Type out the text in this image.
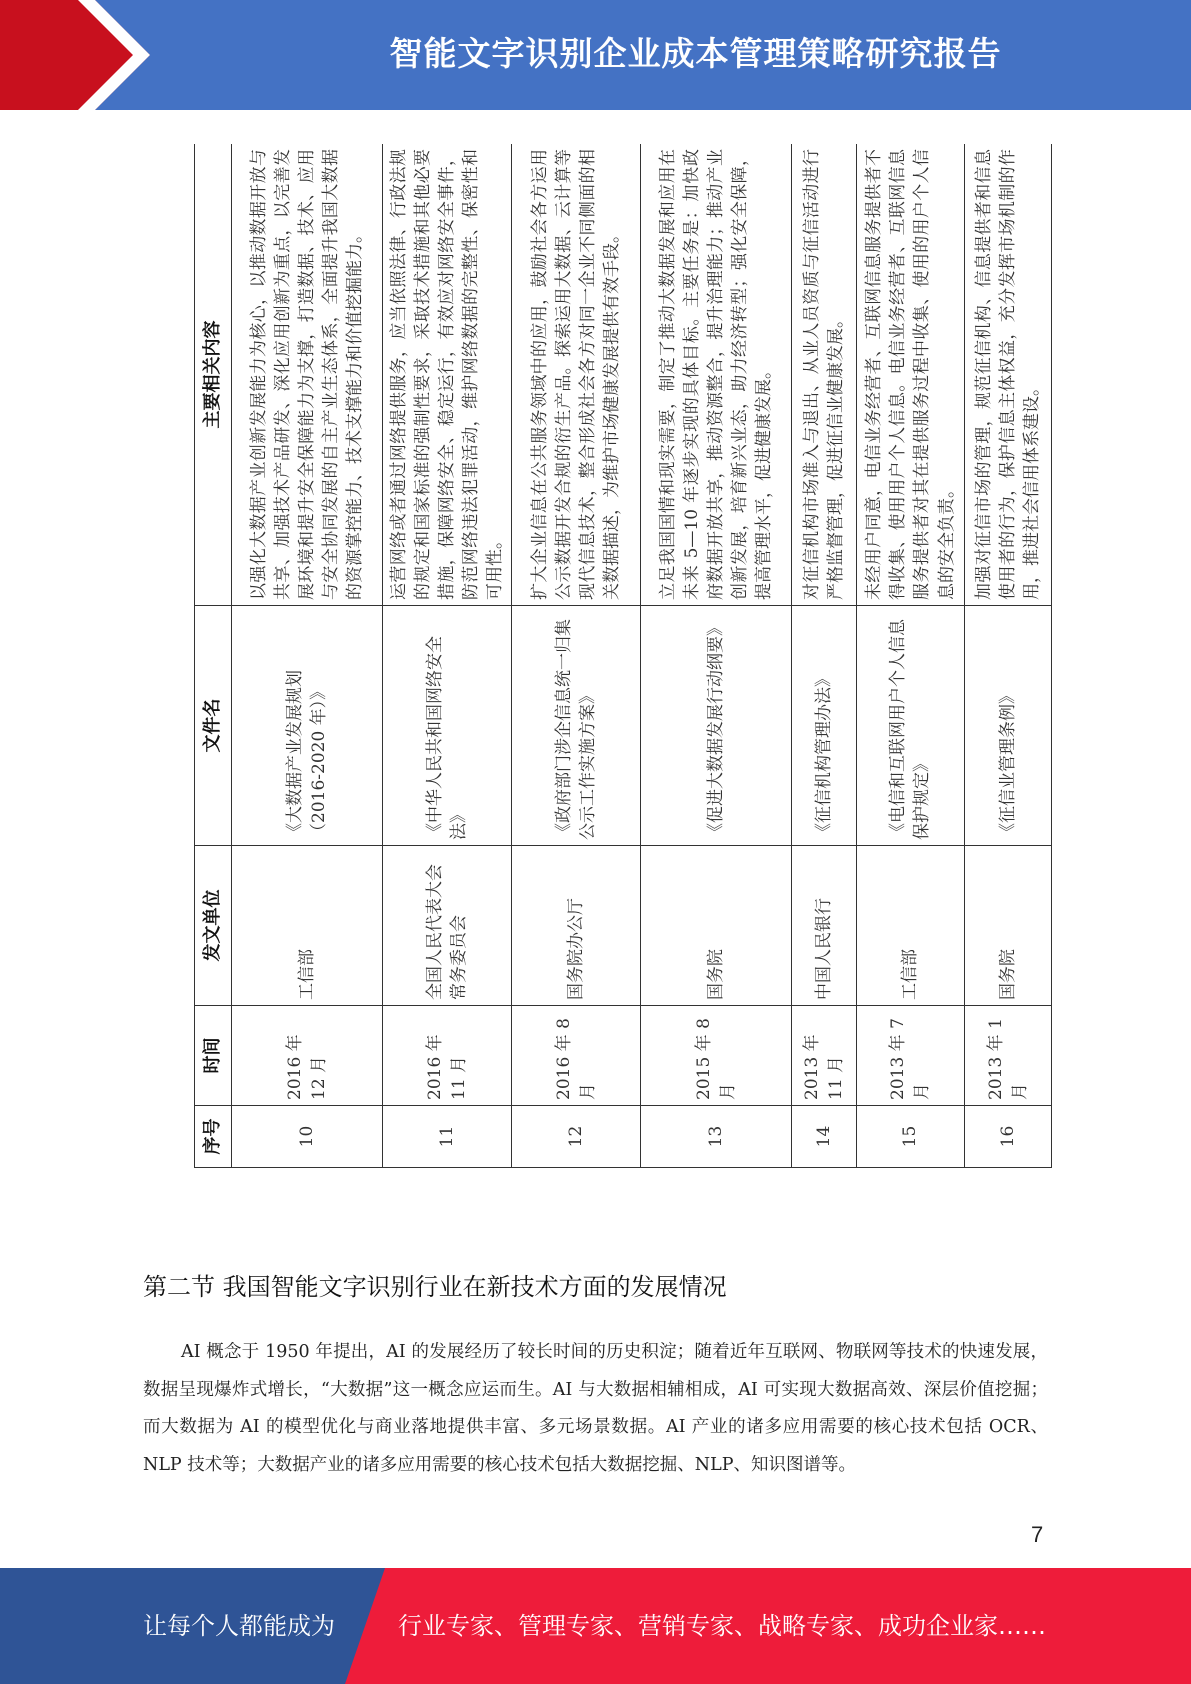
智能文字识别企业成本管理策略研究报告
序号	时间	发文单位	文件名	主要相关内容
10	2016 年 12 月	工信部	《大数据产业发展规划（2016-2020 年）》	以强化大数据产业创新发展能力为核心，以推动数据开放与共享、加强技术产品研发、深化应用创新为重点，以完善发展环境和提升安全保障能力为支撑，打造数据、技术、应用与安全协同发展的自主产业生态体系，全面提升我国大数据的资源掌控能力、技术支撑能力和价值挖掘能力。
11	2016 年 11 月	全国人民代表大会常务委员会	《中华人民共和国网络安全法》	运营网络或者通过网络提供服务，应当依照法律、行政法规的规定和国家标准的强制性要求，采取技术措施和其他必要措施，保障网络安全、稳定运行，有效应对网络安全事件，防范网络违法犯罪活动，维护网络数据的完整性、保密性和可用性。
12	2016 年 8 月	国务院办公厅	《政府部门涉企信息统一归集公示工作实施方案》	扩大企业信息在公共服务领域中的应用，鼓励社会各方运用公示数据开发合规的衍生产品。探索运用大数据、云计算等现代信息技术，整合形成社会各方对同一企业不同侧面的相关数据描述，为维护市场健康发展提供有效手段。
13	2015 年 8 月	国务院	《促进大数据发展行动纲要》	立足我国国情和现实需要，制定了推动大数据发展和应用在未来 5—10 年逐步实现的具体目标。主要任务是：加快政府数据开放共享，推动资源整合，提升治理能力；推动产业创新发展，培育新兴业态，助力经济转型；强化安全保障，提高管理水平，促进健康发展。
14	2013 年 11 月	中国人民银行	《征信机构管理办法》	对征信机构市场准入与退出、从业人员资质与征信活动进行严格监督管理，促进征信业健康发展。
15	2013 年 7 月	工信部	《电信和互联网用户个人信息保护规定》	未经用户同意，电信业务经营者、互联网信息服务提供者不得收集、使用用户个人信息。电信业务经营者、互联网信息服务提供者对其在提供服务过程中收集、使用的用户个人信息的安全负责。
16	2013 年 1 月	国务院	《征信业管理条例》	加强对征信市场的管理，规范征信机构、信息提供者和信息使用者的行为，保护信息主体权益，充分发挥市场机制的作用，推进社会信用体系建设。
第二节 我国智能文字识别行业在新技术方面的发展情况

AI 概念于 1950 年提出，AI 的发展经历了较长时间的历史积淀；随着近年互联网、物联网等技术的快速发展，数据呈现爆炸式增长，“大数据”这一概念应运而生。AI 与大数据相辅相成，AI 可实现大数据高效、深层价值挖掘；而大数据为 AI 的模型优化与商业落地提供丰富、多元场景数据。AI 产业的诸多应用需要的核心技术包括 OCR、NLP 技术等；大数据产业的诸多应用需要的核心技术包括大数据挖掘、NLP、知识图谱等。

7
让每个人都能成为	行业专家、管理专家、营销专家、战略专家、成功企业家……
